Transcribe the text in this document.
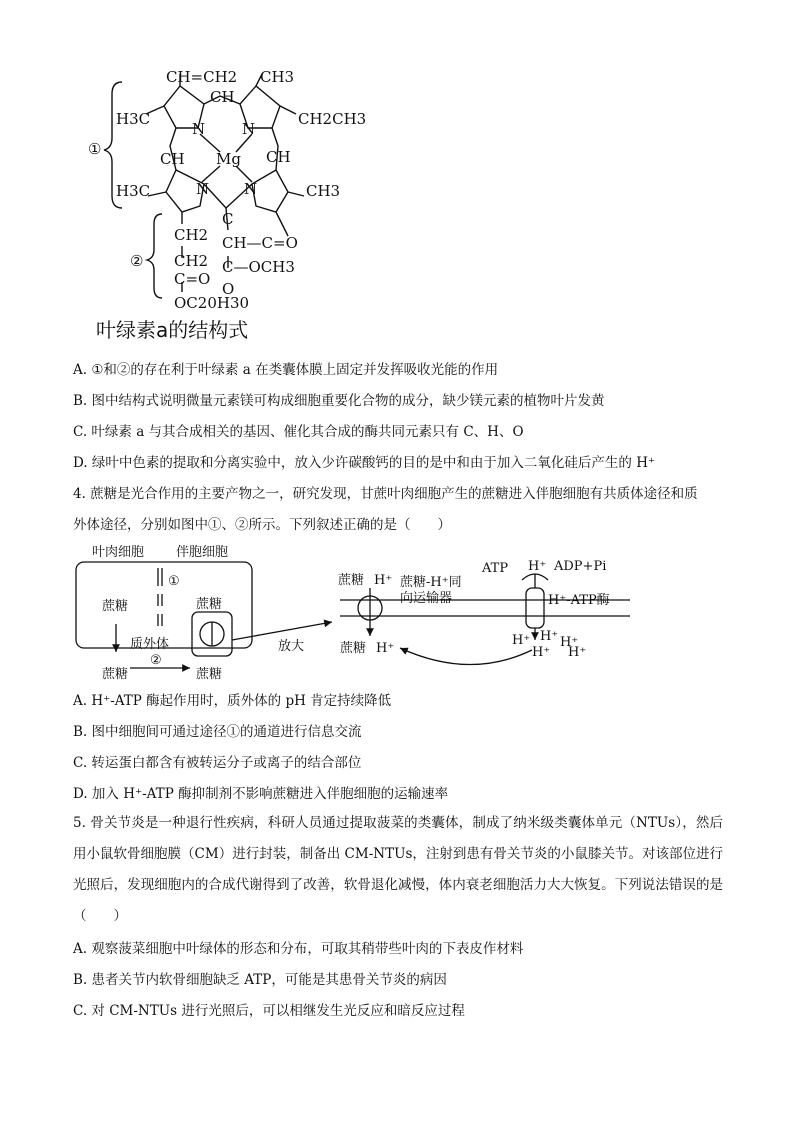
CH=CH2 CH3
H3C
CH
CH2CH3
N N
CH Mg CH
N N
H3C	CH3
C
CH2 CH—C=O
CH2 C—OCH3
C=O
O
OC20H30
①
②
叶绿素a的结构式
A. ①和②的存在利于叶绿素 a 在类囊体膜上固定并发挥吸收光能的作用
B. 图中结构式说明微量元素镁可构成细胞重要化合物的成分，缺少镁元素的植物叶片发黄
C. 叶绿素 a 与其合成相关的基因、催化其合成的酶共同元素只有 C、H、O
D. 绿叶中色素的提取和分离实验中，放入少许碳酸钙的目的是中和由于加入二氧化硅后产生的 H⁺
4. 蔗糖是光合作用的主要产物之一，研究发现，甘蔗叶肉细胞产生的蔗糖进入伴胞细胞有共质体途径和质
外体途径，分别如图中①、②所示。下列叙述正确的是（　　）
叶肉细胞 伴胞细胞
①
蔗糖	蔗糖
质外体
蔗糖
②
蔗糖
放大
蔗糖 H⁺ 蔗糖-H⁺同
向运输器
蔗糖 H⁺
ATP H⁺ ADP+Pi
H⁺-ATP酶
H⁺ H⁺ H⁺
H⁺ H⁺
A. H⁺-ATP 酶起作用时，质外体的 pH 肯定持续降低
B. 图中细胞间可通过途径①的通道进行信息交流
C. 转运蛋白都含有被转运分子或离子的结合部位
D. 加入 H⁺-ATP 酶抑制剂不影响蔗糖进入伴胞细胞的运输速率
5. 骨关节炎是一种退行性疾病，科研人员通过提取菠菜的类囊体，制成了纳米级类囊体单元（NTUs），然后用小鼠软骨细胞膜（CM）进行封装，制备出 CM-NTUs，注射到患有骨关节炎的小鼠膝关节。对该部位进行光照后，发现细胞内的合成代谢得到了改善，软骨退化减慢，体内衰老细胞活力大大恢复。下列说法错误的是（　　）
A. 观察菠菜细胞中叶绿体的形态和分布，可取其稍带些叶肉的下表皮作材料
B. 患者关节内软骨细胞缺乏 ATP，可能是其患骨关节炎的病因
C. 对 CM-NTUs 进行光照后，可以相继发生光反应和暗反应过程
